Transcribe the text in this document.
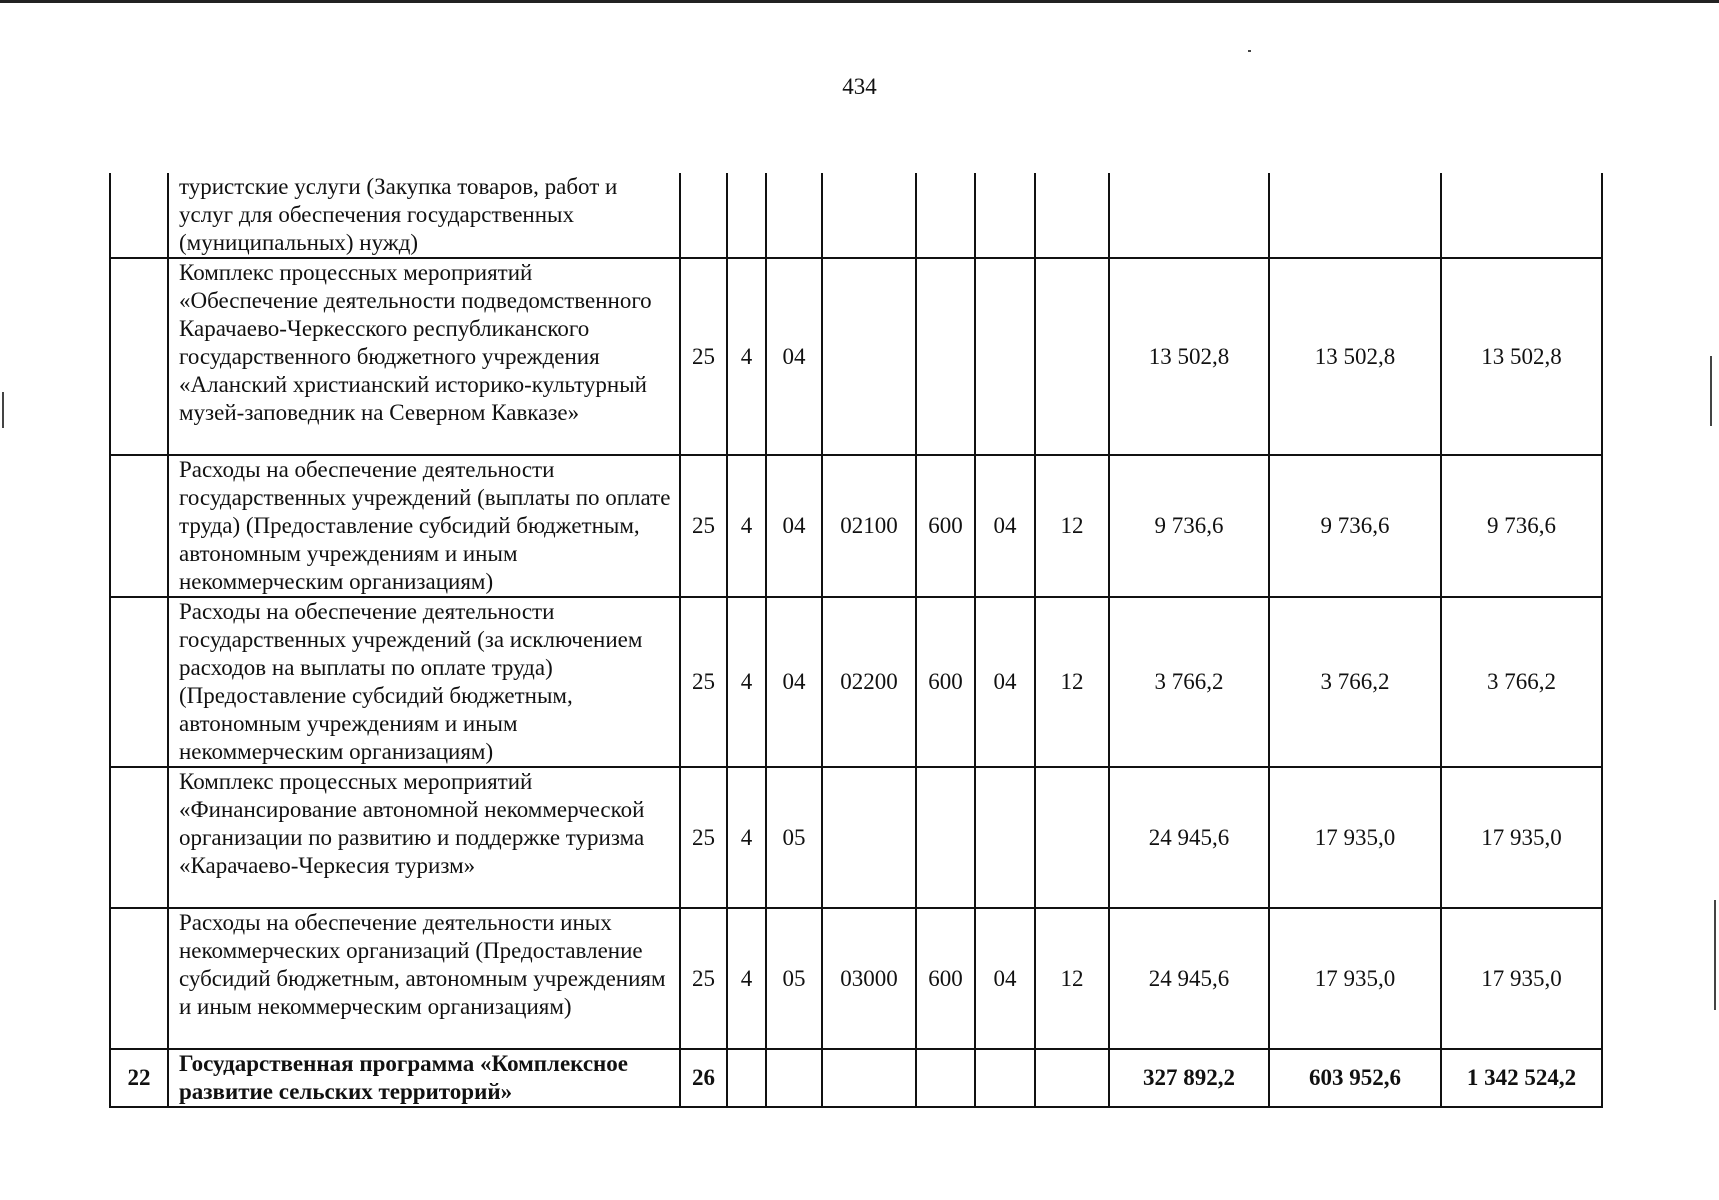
434
	туристские услуги (Закупка товаров, работ и услуг для обеспечения государственных (муниципальных) нужд)										
	Комплекс процессных мероприятий «Обеспечение деятельности подведомственного Карачаево-Черкесского республиканского государственного бюджетного учреждения «Аланский христианский историко-культурный музей-заповедник на Северном Кавказе»	25	4	04					13 502,8	13 502,8	13 502,8
	Расходы на обеспечение деятельности государственных учреждений (выплаты по оплате труда) (Предоставление субсидий бюджетным, автономным учреждениям и иным некоммерческим организациям)	25	4	04	02100	600	04	12	9 736,6	9 736,6	9 736,6
	Расходы на обеспечение деятельности государственных учреждений (за исключением расходов на выплаты по оплате труда) (Предоставление субсидий бюджетным, автономным учреждениям и иным некоммерческим организациям)	25	4	04	02200	600	04	12	3 766,2	3 766,2	3 766,2
	Комплекс процессных мероприятий «Финансирование автономной некоммерческой организации по развитию и поддержке туризма «Карачаево-Черкесия туризм»	25	4	05					24 945,6	17 935,0	17 935,0
	Расходы на обеспечение деятельности иных некоммерческих организаций (Предоставление субсидий бюджетным, автономным учреждениям и иным некоммерческим организациям)	25	4	05	03000	600	04	12	24 945,6	17 935,0	17 935,0
22	Государственная программа «Комплексное развитие сельских территорий»	26							327 892,2	603 952,6	1 342 524,2
